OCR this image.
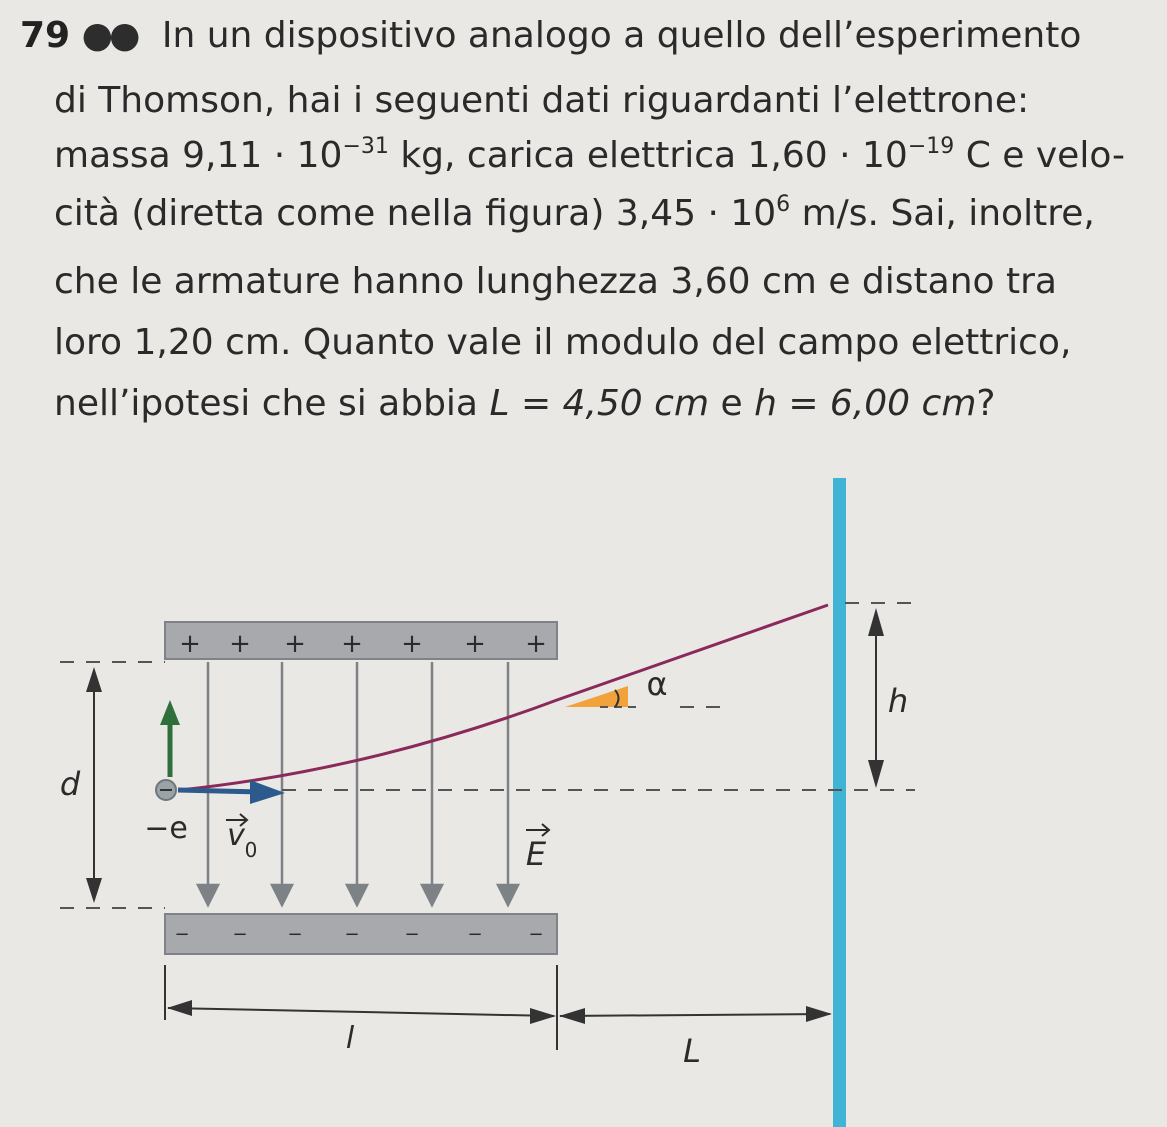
79 ●● In un dispositivo analogo a quello dell’esperimento
di Thomson, hai i seguenti dati riguardanti l’elettrone:
massa $9,11 \cdot 10^{-31}$ kg, carica elettrica $1,60 \cdot 10^{-19}$ C e velo-
cità (diretta come nella figura) $3,45 \cdot 10^6$ m/s. Sai, inoltre,
che le armature hanno lunghezza 3,60 cm e distano tra
loro 1,20 cm. Quanto vale il modulo del campo elettrico,
nell’ipotesi che si abbia L = 4,50 cm e h = 6,00 cm?
+ + + + + + +
− − − − −	−	−
α
−e v 0	E
d
h
l	L
